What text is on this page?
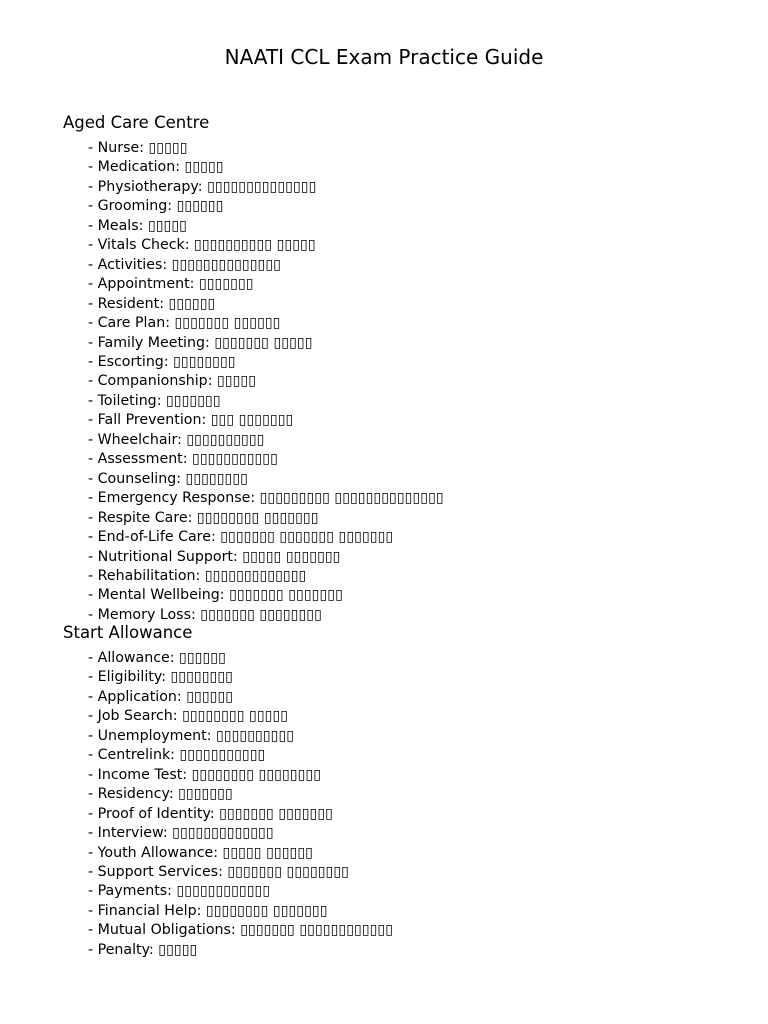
NAATI CCL Exam Practice Guide
Aged Care Centre
- Nurse : ▯▯▯▯▯
- Medication : ▯▯▯▯▯
- Physiotherapy : ▯▯▯▯▯▯▯▯▯▯▯▯▯▯
- Grooming : ▯▯▯▯▯▯
- Meals : ▯▯▯▯▯
- Vitals Check : ▯▯▯▯▯▯▯▯▯▯ ▯▯▯▯▯
- Activities : ▯▯▯▯▯▯▯▯▯▯▯▯▯▯
- Appointment : ▯▯▯▯▯▯▯
- Resident : ▯▯▯▯▯▯
- Care Plan : ▯▯▯▯▯▯▯ ▯▯▯▯▯▯
- Family Meeting : ▯▯▯▯▯▯▯ ▯▯▯▯▯
- Escorting : ▯▯▯▯▯▯▯▯
- Companionship : ▯▯▯▯▯
- Toileting : ▯▯▯▯▯▯▯
- Fall Prevention : ▯▯▯ ▯▯▯▯▯▯▯
- Wheelchair : ▯▯▯▯▯▯▯▯▯▯
- Assessment : ▯▯▯▯▯▯▯▯▯▯▯
- Counseling : ▯▯▯▯▯▯▯▯
- Emergency Response : ▯▯▯▯▯▯▯▯▯ ▯▯▯▯▯▯▯▯▯▯▯▯▯▯
- Respite Care : ▯▯▯▯▯▯▯▯ ▯▯▯▯▯▯▯
- End-of-Life Care : ▯▯▯▯▯▯▯ ▯▯▯▯▯▯▯ ▯▯▯▯▯▯▯
- Nutritional Support : ▯▯▯▯▯ ▯▯▯▯▯▯▯
- Rehabilitation : ▯▯▯▯▯▯▯▯▯▯▯▯▯
- Mental Wellbeing : ▯▯▯▯▯▯▯ ▯▯▯▯▯▯▯
- Memory Loss : ▯▯▯▯▯▯▯ ▯▯▯▯▯▯▯▯
Start Allowance
- Allowance : ▯▯▯▯▯▯
- Eligibility : ▯▯▯▯▯▯▯▯
- Application : ▯▯▯▯▯▯
- Job Search : ▯▯▯▯▯▯▯▯ ▯▯▯▯▯
- Unemployment : ▯▯▯▯▯▯▯▯▯▯
- Centrelink : ▯▯▯▯▯▯▯▯▯▯▯
- Income Test : ▯▯▯▯▯▯▯▯ ▯▯▯▯▯▯▯▯
- Residency : ▯▯▯▯▯▯▯
- Proof of Identity : ▯▯▯▯▯▯▯ ▯▯▯▯▯▯▯
- Interview : ▯▯▯▯▯▯▯▯▯▯▯▯▯
- Youth Allowance : ▯▯▯▯▯ ▯▯▯▯▯▯
- Support Services : ▯▯▯▯▯▯▯ ▯▯▯▯▯▯▯▯
- Payments : ▯▯▯▯▯▯▯▯▯▯▯▯
- Financial Help : ▯▯▯▯▯▯▯▯ ▯▯▯▯▯▯▯
- Mutual Obligations : ▯▯▯▯▯▯▯ ▯▯▯▯▯▯▯▯▯▯▯▯
- Penalty : ▯▯▯▯▯
